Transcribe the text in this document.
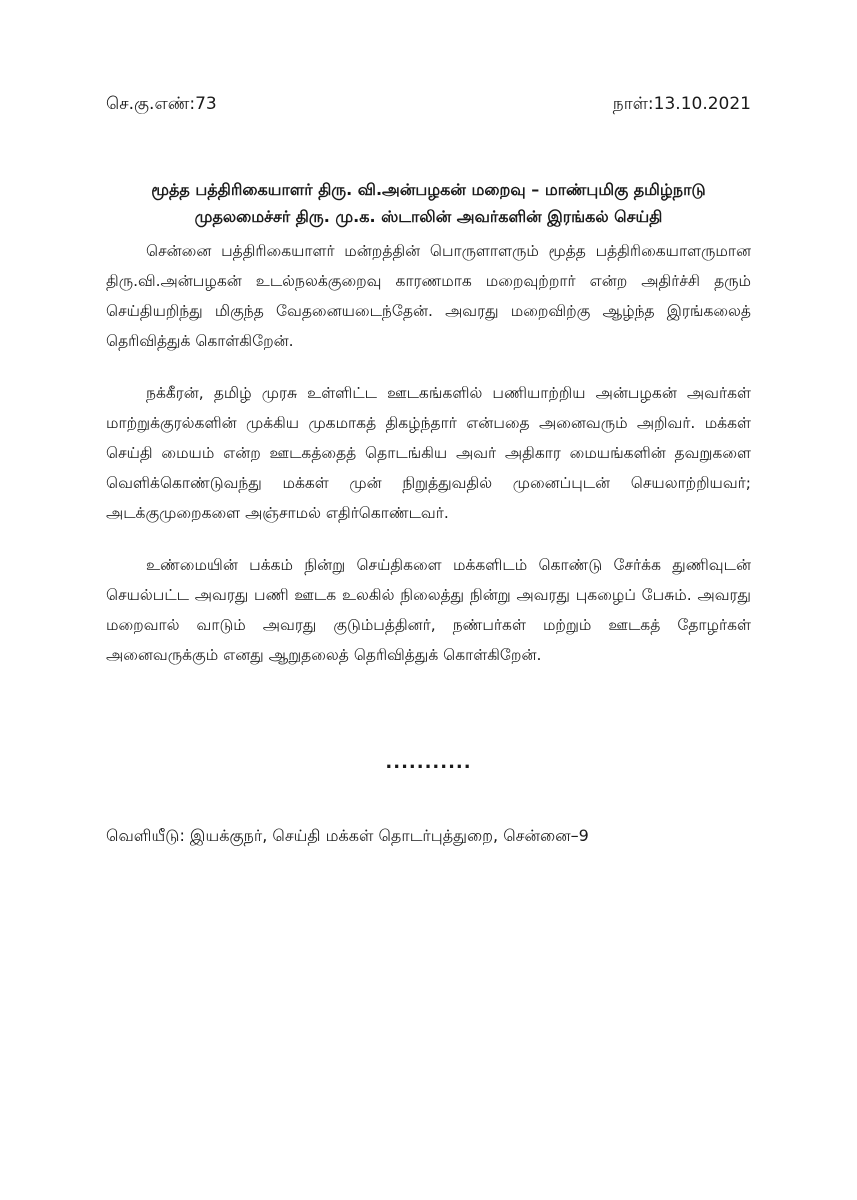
செ.கு.எண்:73	நாள்:13.10.2021
மூத்த பத்திரிகையாளர் திரு. வி.அன்பழகன் மறைவு – மாண்புமிகு தமிழ்நாடு
முதலமைச்சர் திரு. மு.க. ஸ்டாலின் அவர்களின் இரங்கல் செய்தி

சென்னை பத்திரிகையாளர் மன்றத்தின் பொருளாளரும் மூத்த பத்திரிகையாளருமான திரு.வி.அன்பழகன் உடல்நலக்குறைவு காரணமாக மறைவுற்றார் என்ற அதிர்ச்சி தரும் செய்தியறிந்து மிகுந்த வேதனையடைந்தேன். அவரது மறைவிற்கு ஆழ்ந்த இரங்கலைத் தெரிவித்துக் கொள்கிறேன்.

நக்கீரன், தமிழ் முரசு உள்ளிட்ட ஊடகங்களில் பணியாற்றிய அன்பழகன் அவர்கள் மாற்றுக்குரல்களின் முக்கிய முகமாகத் திகழ்ந்தார் என்பதை அனைவரும் அறிவர். மக்கள் செய்தி மையம் என்ற ஊடகத்தைத் தொடங்கிய அவர் அதிகார மையங்களின் தவறுகளை வெளிக்கொண்டுவந்து மக்கள் முன் நிறுத்துவதில் முனைப்புடன் செயலாற்றியவர்; அடக்குமுறைகளை அஞ்சாமல் எதிர்கொண்டவர்.

உண்மையின் பக்கம் நின்று செய்திகளை மக்களிடம் கொண்டு சேர்க்க துணிவுடன் செயல்பட்ட அவரது பணி ஊடக உலகில் நிலைத்து நின்று அவரது புகழைப் பேசும். அவரது மறைவால் வாடும் அவரது குடும்பத்தினர், நண்பர்கள் மற்றும் ஊடகத் தோழர்கள் அனைவருக்கும் எனது ஆறுதலைத் தெரிவித்துக் கொள்கிறேன்.

...........
வெளியீடு: இயக்குநர், செய்தி மக்கள் தொடர்புத்துறை, சென்னை–9
